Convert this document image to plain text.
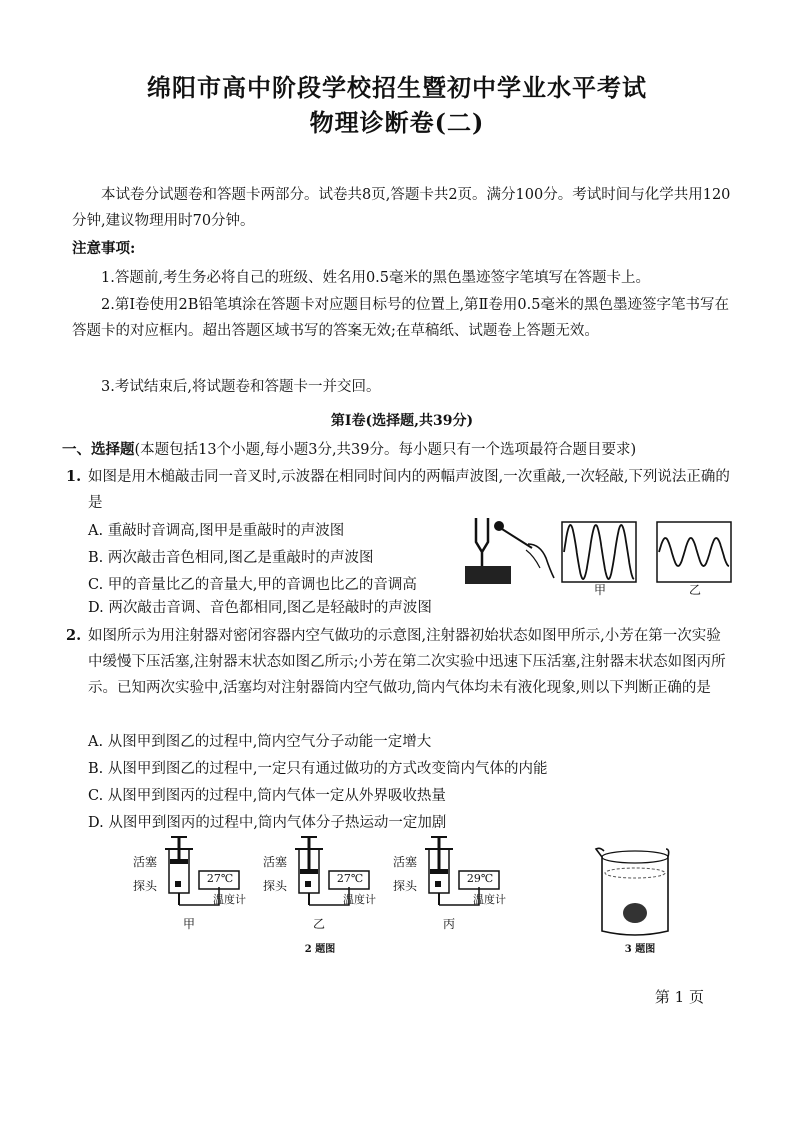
绵阳市高中阶段学校招生暨初中学业水平考试
物理诊断卷(二)

本试卷分试题卷和答题卡两部分。试卷共8页,答题卡共2页。满分100分。考试时间与化学共用120分钟,建议物理用时70分钟。

注意事项:

1.答题前,考生务必将自己的班级、姓名用0.5毫米的黑色墨迹签字笔填写在答题卡上。

2.第Ⅰ卷使用2B铅笔填涂在答题卡对应题目标号的位置上,第Ⅱ卷用0.5毫米的黑色墨迹签字笔书写在答题卡的对应框内。超出答题区域书写的答案无效;在草稿纸、试题卷上答题无效。

3.考试结束后,将试题卷和答题卡一并交回。

第Ⅰ卷(选择题,共39分)

一、选择题(本题包括13个小题,每小题3分,共39分。每小题只有一个选项最符合题目要求)

1. 如图是用木槌敲击同一音叉时,示波器在相同时间内的两幅声波图,一次重敲,一次轻敲,下列说法正确的是
A. 重敲时音调高,图甲是重敲时的声波图
B. 两次敲击音色相同,图乙是重敲时的声波图
C. 甲的音量比乙的音量大,甲的音调也比乙的音调高
D. 两次敲击音调、音色都相同,图乙是轻敲时的声波图
甲	乙
2. 如图所示为用注射器对密闭容器内空气做功的示意图,注射器初始状态如图甲所示,小芳在第一次实验中缓慢下压活塞,注射器末状态如图乙所示;小芳在第二次实验中迅速下压活塞,注射器末状态如图丙所示。已知两次实验中,活塞均对注射器筒内空气做功,筒内气体均未有液化现象,则以下判断正确的是
A. 从图甲到图乙的过程中,筒内空气分子动能一定增大
B. 从图甲到图乙的过程中,一定只有通过做功的方式改变筒内气体的内能
C. 从图甲到图丙的过程中,筒内气体一定从外界吸收热量
D. 从图甲到图丙的过程中,筒内气体分子热运动一定加剧
活塞
探头
27℃
温度计
甲
活塞
探头
27℃
温度计
乙
活塞
探头
29℃
温度计
丙
2 题图	3 题图
第 1 页
